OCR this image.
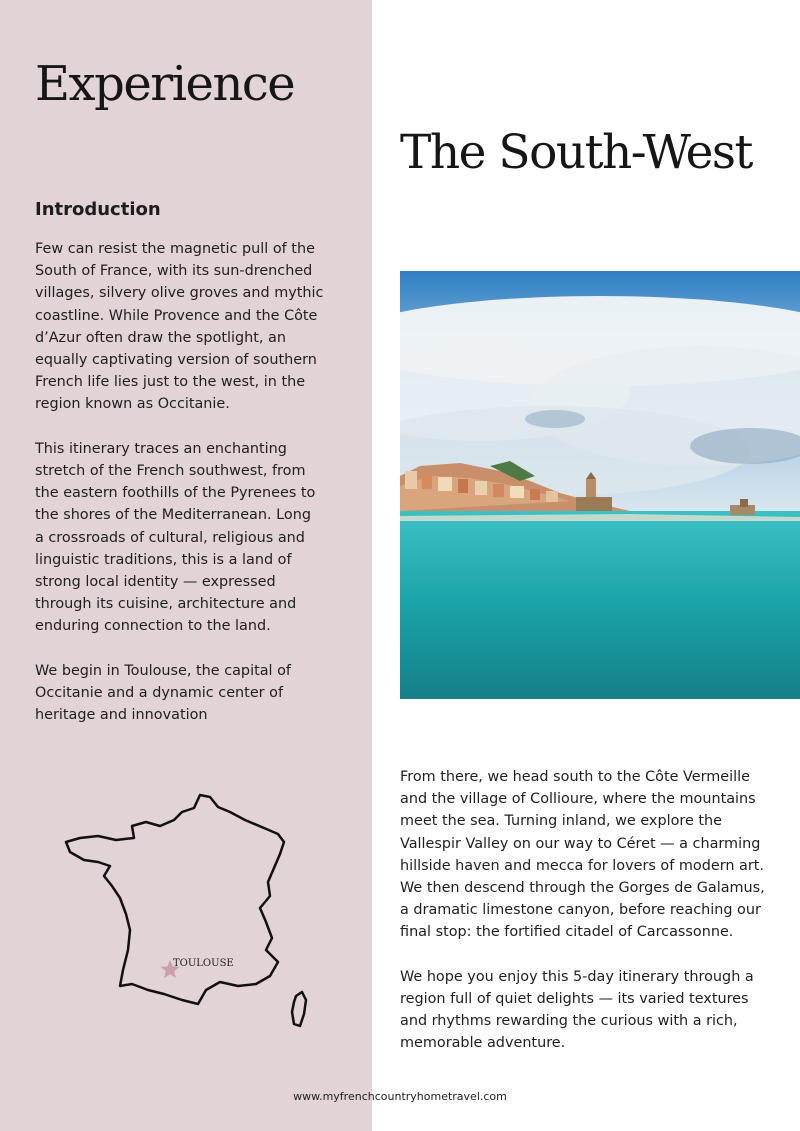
Experience
The South-West
Introduction

Few can resist the magnetic pull of the
South of France, with its sun-drenched
villages, silvery olive groves and mythic
coastline. While Provence and the Côte
d’Azur often draw the spotlight, an
equally captivating version of southern
French life lies just to the west, in the
region known as Occitanie.

This itinerary traces an enchanting
stretch of the French southwest, from
the eastern foothills of the Pyrenees to
the shores of the Mediterranean. Long
a crossroads of cultural, religious and
linguistic traditions, this is a land of
strong local identity — expressed
through its cuisine, architecture and
enduring connection to the land.

We begin in Toulouse, the capital of
Occitanie and a dynamic center of
heritage and innovation

From there, we head south to the Côte Vermeille
and the village of Collioure, where the mountains
meet the sea. Turning inland, we explore the
Vallespir Valley on our way to Céret — a charming
hillside haven and mecca for lovers of modern art.
We then descend through the Gorges de Galamus,
a dramatic limestone canyon, before reaching our
final stop: the fortified citadel of Carcassonne.

We hope you enjoy this 5-day itinerary through a
region full of quiet delights — its varied textures
and rhythms rewarding the curious with a rich,
memorable adventure.

TOULOUSE

www.myfrenchcountryhometravel.com
